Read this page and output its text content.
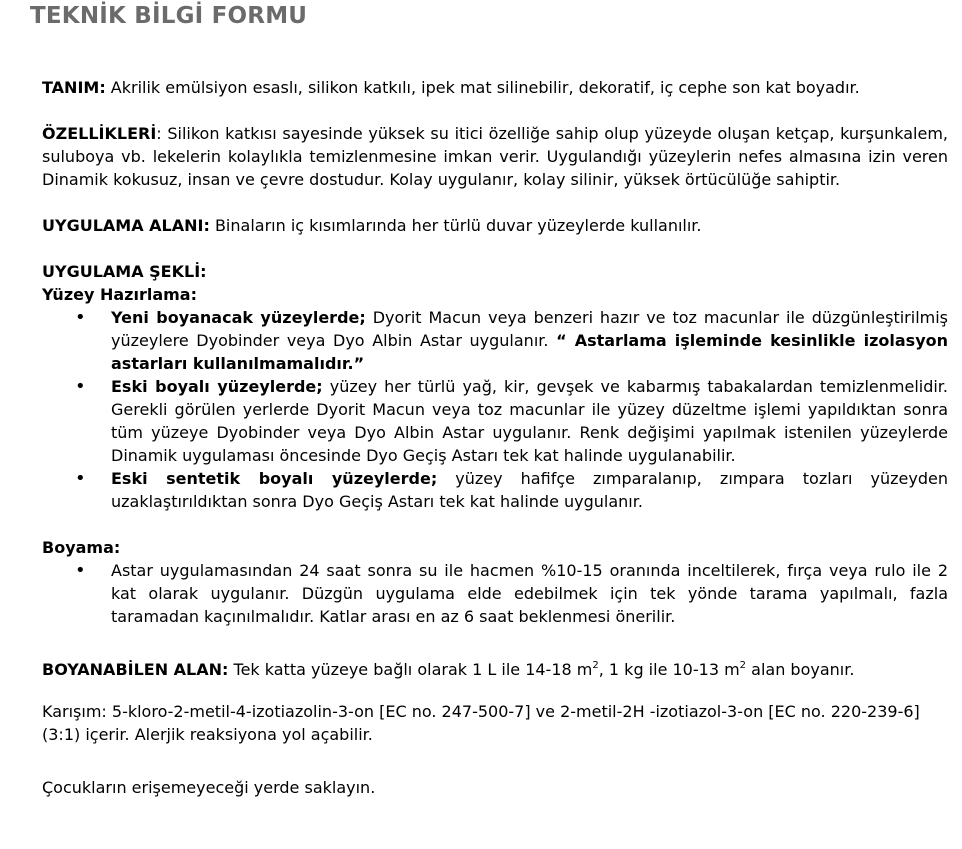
TEKNİK BİLGİ FORMU

TANIM: Akrilik emülsiyon esaslı, silikon katkılı, ipek mat silinebilir, dekoratif, iç cephe son kat boyadır.

ÖZELLİKLERİ: Silikon katkısı sayesinde yüksek su itici özelliğe sahip olup yüzeyde oluşan ketçap, kurşunkalem, suluboya vb. lekelerin kolaylıkla temizlenmesine imkan verir. Uygulandığı yüzeylerin nefes almasına izin veren Dinamik kokusuz, insan ve çevre dostudur. Kolay uygulanır, kolay silinir, yüksek örtücülüğe sahiptir.

UYGULAMA ALANI: Binaların iç kısımlarında her türlü duvar yüzeylerde kullanılır.

UYGULAMA ŞEKLİ:
Yüzey Hazırlama:
• Yeni boyanacak yüzeylerde; Dyorit Macun veya benzeri hazır ve toz macunlar ile düzgünleştirilmiş yüzeylere Dyobinder veya Dyo Albin Astar uygulanır. “ Astarlama işleminde kesinlikle izolasyon astarları kullanılmamalıdır.”
• Eski boyalı yüzeylerde; yüzey her türlü yağ, kir, gevşek ve kabarmış tabakalardan temizlenmelidir. Gerekli görülen yerlerde Dyorit Macun veya toz macunlar ile yüzey düzeltme işlemi yapıldıktan sonra tüm yüzeye Dyobinder veya Dyo Albin Astar uygulanır. Renk değişimi yapılmak istenilen yüzeylerde Dinamik uygulaması öncesinde Dyo Geçiş Astarı tek kat halinde uygulanabilir.
• Eski sentetik boyalı yüzeylerde; yüzey hafifçe zımparalanıp, zımpara tozları yüzeyden uzaklaştırıldıktan sonra Dyo Geçiş Astarı tek kat halinde uygulanır.
Boyama:
• Astar uygulamasından 24 saat sonra su ile hacmen %10-15 oranında inceltilerek, fırça veya rulo ile 2 kat olarak uygulanır. Düzgün uygulama elde edebilmek için tek yönde tarama yapılmalı, fazla taramadan kaçınılmalıdır. Katlar arası en az 6 saat beklenmesi önerilir.

BOYANABİLEN ALAN: Tek katta yüzeye bağlı olarak 1 L ile 14-18 $m^2$, 1 kg ile 10-13 $m^2$ alan boyanır.

Karışım: 5-kloro-2-metil-4-izotiazolin-3-on [EC no. 247-500-7] ve 2-metil-2H -izotiazol-3-on [EC no. 220-239-6] (3:1) içerir. Alerjik reaksiyona yol açabilir.

Çocukların erişemeyeceği yerde saklayın.
